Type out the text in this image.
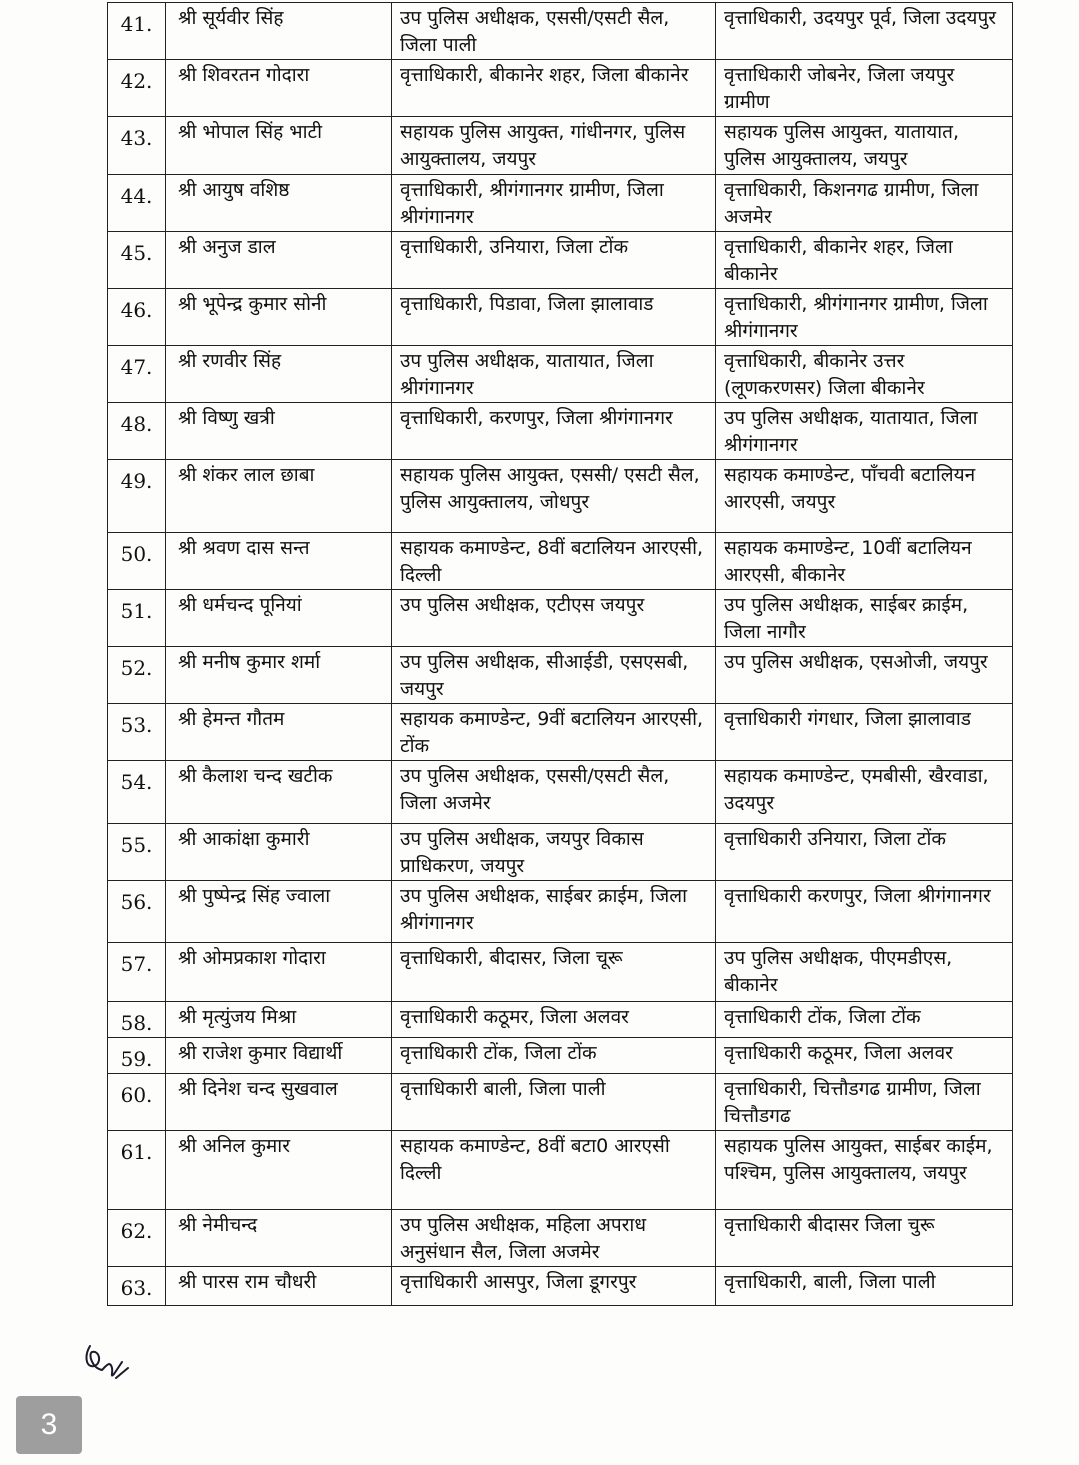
41.	श्री सूर्यवीर सिंह	उप पुलिस अधीक्षक, एससी/एसटी सैल, जिला पाली	वृत्ताधिकारी, उदयपुर पूर्व, जिला उदयपुर
42.	श्री शिवरतन गोदारा	वृत्ताधिकारी, बीकानेर शहर, जिला बीकानेर	वृत्ताधिकारी जोबनेर, जिला जयपुर ग्रामीण
43.	श्री भोपाल सिंह भाटी	सहायक पुलिस आयुक्त, गांधीनगर, पुलिस आयुक्तालय, जयपुर	सहायक पुलिस आयुक्त, यातायात, पुलिस आयुक्तालय, जयपुर
44.	श्री आयुष वशिष्ठ	वृत्ताधिकारी, श्रीगंगानगर ग्रामीण, जिला श्रीगंगानगर	वृत्ताधिकारी, किशनगढ ग्रामीण, जिला अजमेर
45.	श्री अनुज डाल	वृत्ताधिकारी, उनियारा, जिला टोंक	वृत्ताधिकारी, बीकानेर शहर, जिला बीकानेर
46.	श्री भूपेन्द्र कुमार सोनी	वृत्ताधिकारी, पिडावा, जिला झालावाड	वृत्ताधिकारी, श्रीगंगानगर ग्रामीण, जिला श्रीगंगानगर
47.	श्री रणवीर सिंह	उप पुलिस अधीक्षक, यातायात, जिला श्रीगंगानगर	वृत्ताधिकारी, बीकानेर उत्तर (लूणकरणसर) जिला बीकानेर
48.	श्री विष्णु खत्री	वृत्ताधिकारी, करणपुर, जिला श्रीगंगानगर	उप पुलिस अधीक्षक, यातायात, जिला श्रीगंगानगर
49.	श्री शंकर लाल छाबा	सहायक पुलिस आयुक्त, एससी/ एसटी सैल, पुलिस आयुक्तालय, जोधपुर	सहायक कमाण्डेन्ट, पाँचवी बटालियन आरएसी, जयपुर
50.	श्री श्रवण दास सन्त	सहायक कमाण्डेन्ट, 8वीं बटालियन आरएसी, दिल्ली	सहायक कमाण्डेन्ट, 10वीं बटालियन आरएसी, बीकानेर
51.	श्री धर्मचन्द पूनियां	उप पुलिस अधीक्षक, एटीएस जयपुर	उप पुलिस अधीक्षक, साईबर क्राईम, जिला नागौर
52.	श्री मनीष कुमार शर्मा	उप पुलिस अधीक्षक, सीआईडी, एसएसबी, जयपुर	उप पुलिस अधीक्षक, एसओजी, जयपुर
53.	श्री हेमन्त गौतम	सहायक कमाण्डेन्ट, 9वीं बटालियन आरएसी, टोंक	वृत्ताधिकारी गंगधार, जिला झालावाड
54.	श्री कैलाश चन्द खटीक	उप पुलिस अधीक्षक, एससी/एसटी सैल, जिला अजमेर	सहायक कमाण्डेन्ट, एमबीसी, खैरवाडा, उदयपुर
55.	श्री आकांक्षा कुमारी	उप पुलिस अधीक्षक, जयपुर विकास प्राधिकरण, जयपुर	वृत्ताधिकारी उनियारा, जिला टोंक
56.	श्री पुष्पेन्द्र सिंह ज्वाला	उप पुलिस अधीक्षक, साईबर क्राईम, जिला श्रीगंगानगर	वृत्ताधिकारी करणपुर, जिला श्रीगंगानगर
57.	श्री ओमप्रकाश गोदारा	वृत्ताधिकारी, बीदासर, जिला चूरू	उप पुलिस अधीक्षक, पीएमडीएस, बीकानेर
58.	श्री मृत्युंजय मिश्रा	वृत्ताधिकारी कठूमर, जिला अलवर	वृत्ताधिकारी टोंक, जिला टोंक
59.	श्री राजेश कुमार विद्यार्थी	वृत्ताधिकारी टोंक, जिला टोंक	वृत्ताधिकारी कठूमर, जिला अलवर
60.	श्री दिनेश चन्द सुखवाल	वृत्ताधिकारी बाली, जिला पाली	वृत्ताधिकारी, चित्तौडगढ ग्रामीण, जिला चित्तौडगढ
61.	श्री अनिल कुमार	सहायक कमाण्डेन्ट, 8वीं बटा0 आरएसी दिल्ली	सहायक पुलिस आयुक्त, साईबर काईम, पश्चिम, पुलिस आयुक्तालय, जयपुर
62.	श्री नेमीचन्द	उप पुलिस अधीक्षक, महिला अपराध अनुसंधान सैल, जिला अजमेर	वृत्ताधिकारी बीदासर जिला चुरू
63.	श्री पारस राम चौधरी	वृत्ताधिकारी आसपुर, जिला डूगरपुर	वृत्ताधिकारी, बाली, जिला पाली
3
